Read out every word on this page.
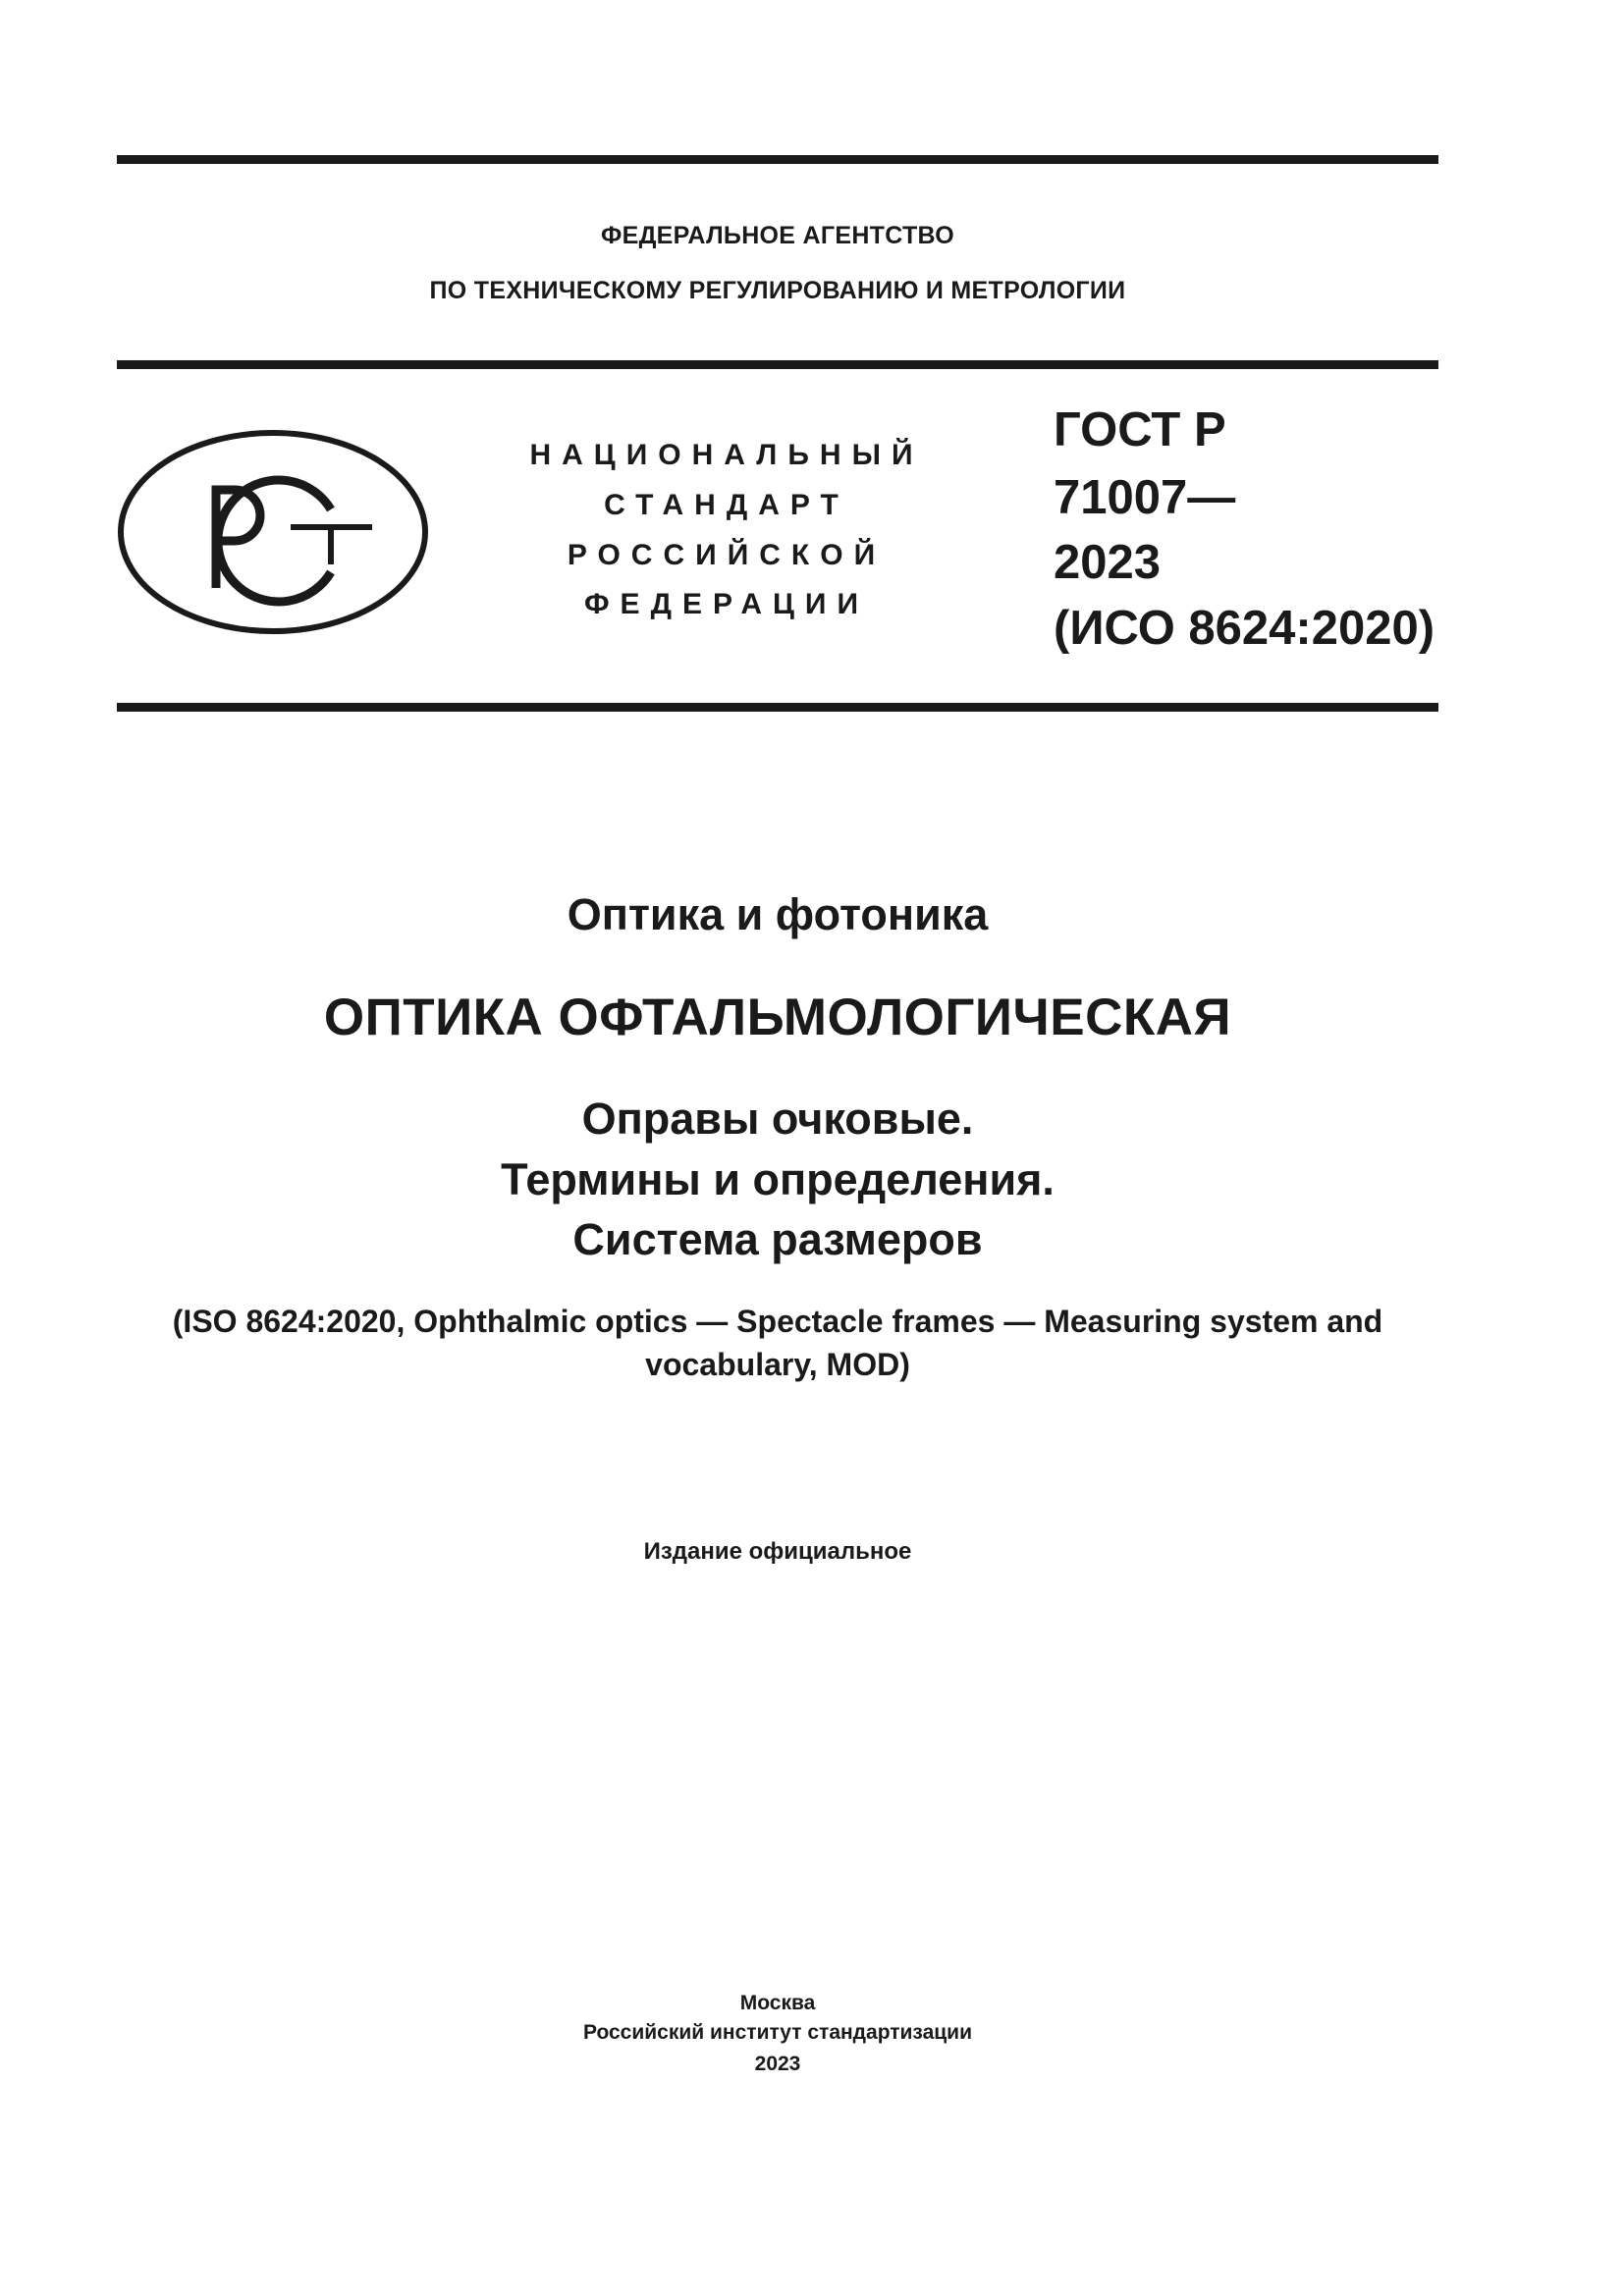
ФЕДЕРАЛЬНОЕ АГЕНТСТВО
ПО ТЕХНИЧЕСКОМУ РЕГУЛИРОВАНИЮ И МЕТРОЛОГИИ
НАЦИОНАЛЬНЫЙ
СТАНДАРТ
РОССИЙСКОЙ
ФЕДЕРАЦИИ
ГОСТ Р
71007—
2023
(ИСО 8624:2020)
Оптика и фотоника
ОПТИКА ОФТАЛЬМОЛОГИЧЕСКАЯ
Оправы очковые.
Термины и определения.
Система размеров
(ISO 8624:2020, Ophthalmic optics — Spectacle frames — Measuring system and
vocabulary, MOD)
Издание официальное
Москва
Российский институт стандартизации
2023
